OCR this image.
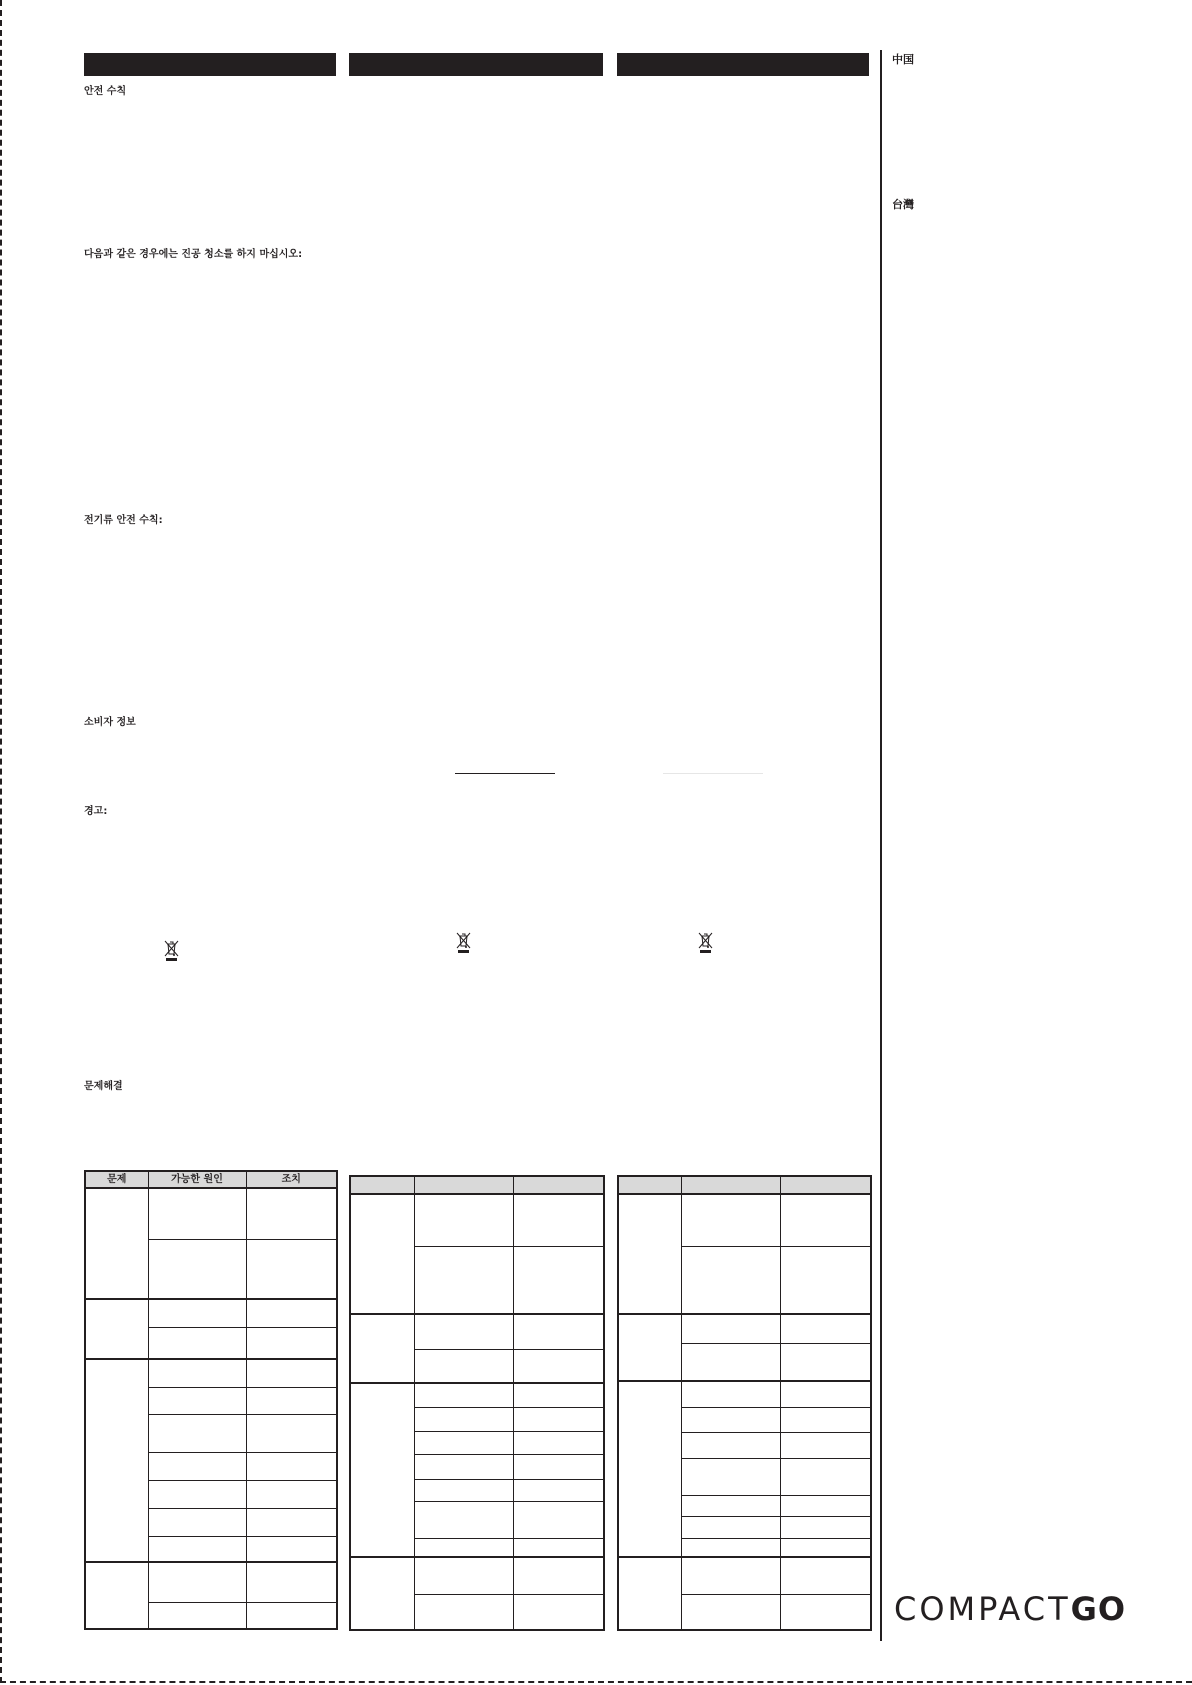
안전 수칙
다음과 같은 경우에는 진공 청소를 하지 마십시오:
전기류 안전 수칙:
소비자 정보
경고:
문제해결
中国
台灣
COMPACTGO
문제	가능한 원인	조치
